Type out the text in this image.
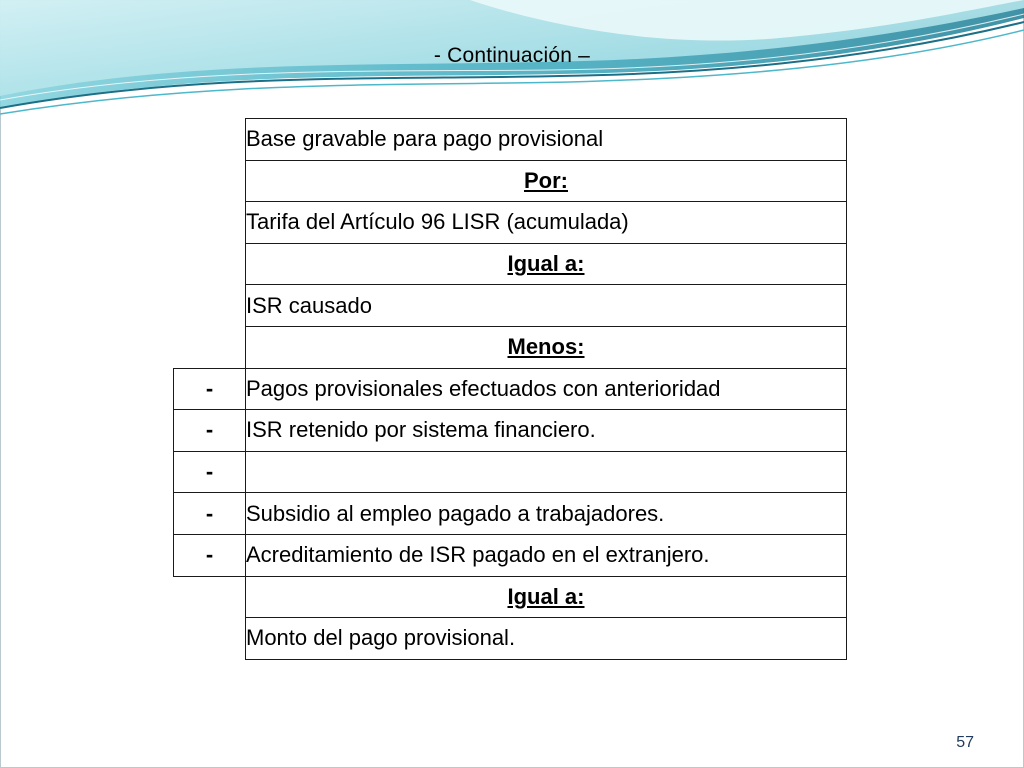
- Continuación –
	Base gravable para pago provisional
	Por:
	Tarifa del Artículo 96 LISR (acumulada)
	Igual a:
	ISR causado
	Menos:
-	Pagos provisionales efectuados con anterioridad
-	ISR retenido por sistema financiero.
-	
-	Subsidio al empleo pagado a trabajadores.
-	Acreditamiento de ISR pagado en el extranjero.
	Igual a:
	Monto del pago provisional.
57
